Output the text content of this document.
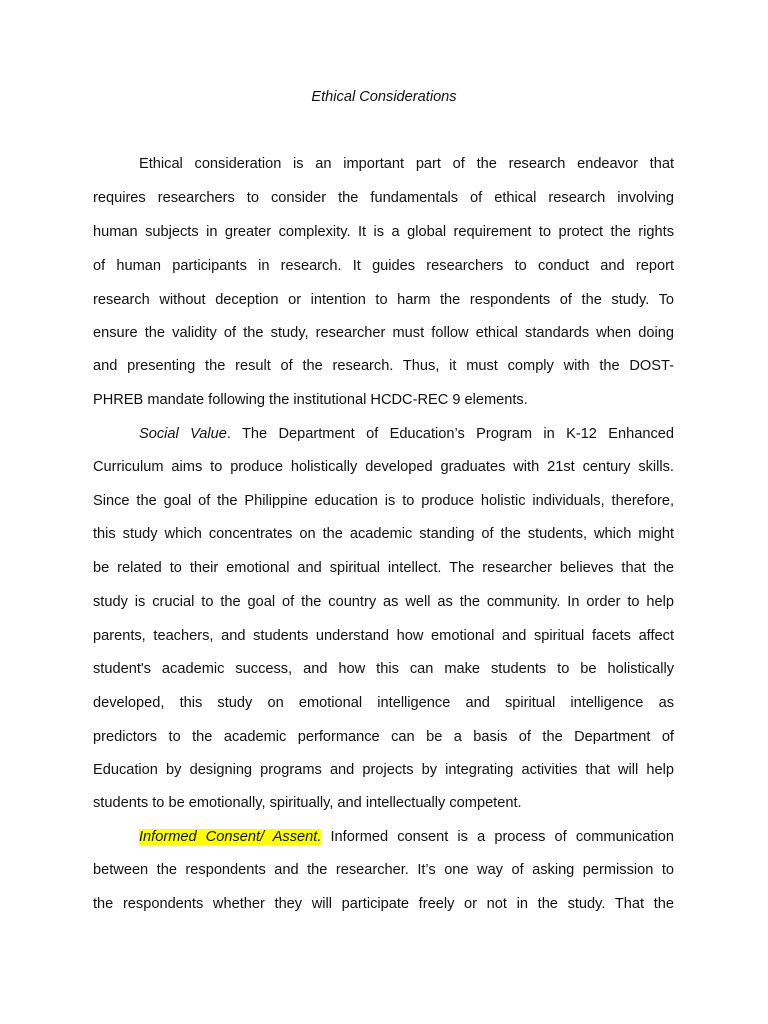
Ethical Considerations
Ethical consideration is an important part of the research endeavor that
requires researchers to consider the fundamentals of ethical research involving
human subjects in greater complexity. It is a global requirement to protect the rights
of human participants in research. It guides researchers to conduct and report
research without deception or intention to harm the respondents of the study. To
ensure the validity of the study, researcher must follow ethical standards when doing
and presenting the result of the research. Thus, it must comply with the DOST-
PHREB mandate following the institutional HCDC-REC 9 elements.
Social Value. The Department of Education’s Program in K-12 Enhanced
Curriculum aims to produce holistically developed graduates with 21st century skills.
Since the goal of the Philippine education is to produce holistic individuals, therefore,
this study which concentrates on the academic standing of the students, which might
be related to their emotional and spiritual intellect. The researcher believes that the
study is crucial to the goal of the country as well as the community. In order to help
parents, teachers, and students understand how emotional and spiritual facets affect
student's academic success, and how this can make students to be holistically
developed, this study on emotional intelligence and spiritual intelligence as
predictors to the academic performance can be a basis of the Department of
Education by designing programs and projects by integrating activities that will help
students to be emotionally, spiritually, and intellectually competent.
Informed Consent/ Assent. Informed consent is a process of communication
between the respondents and the researcher. It’s one way of asking permission to
the respondents whether they will participate freely or not in the study. That the
